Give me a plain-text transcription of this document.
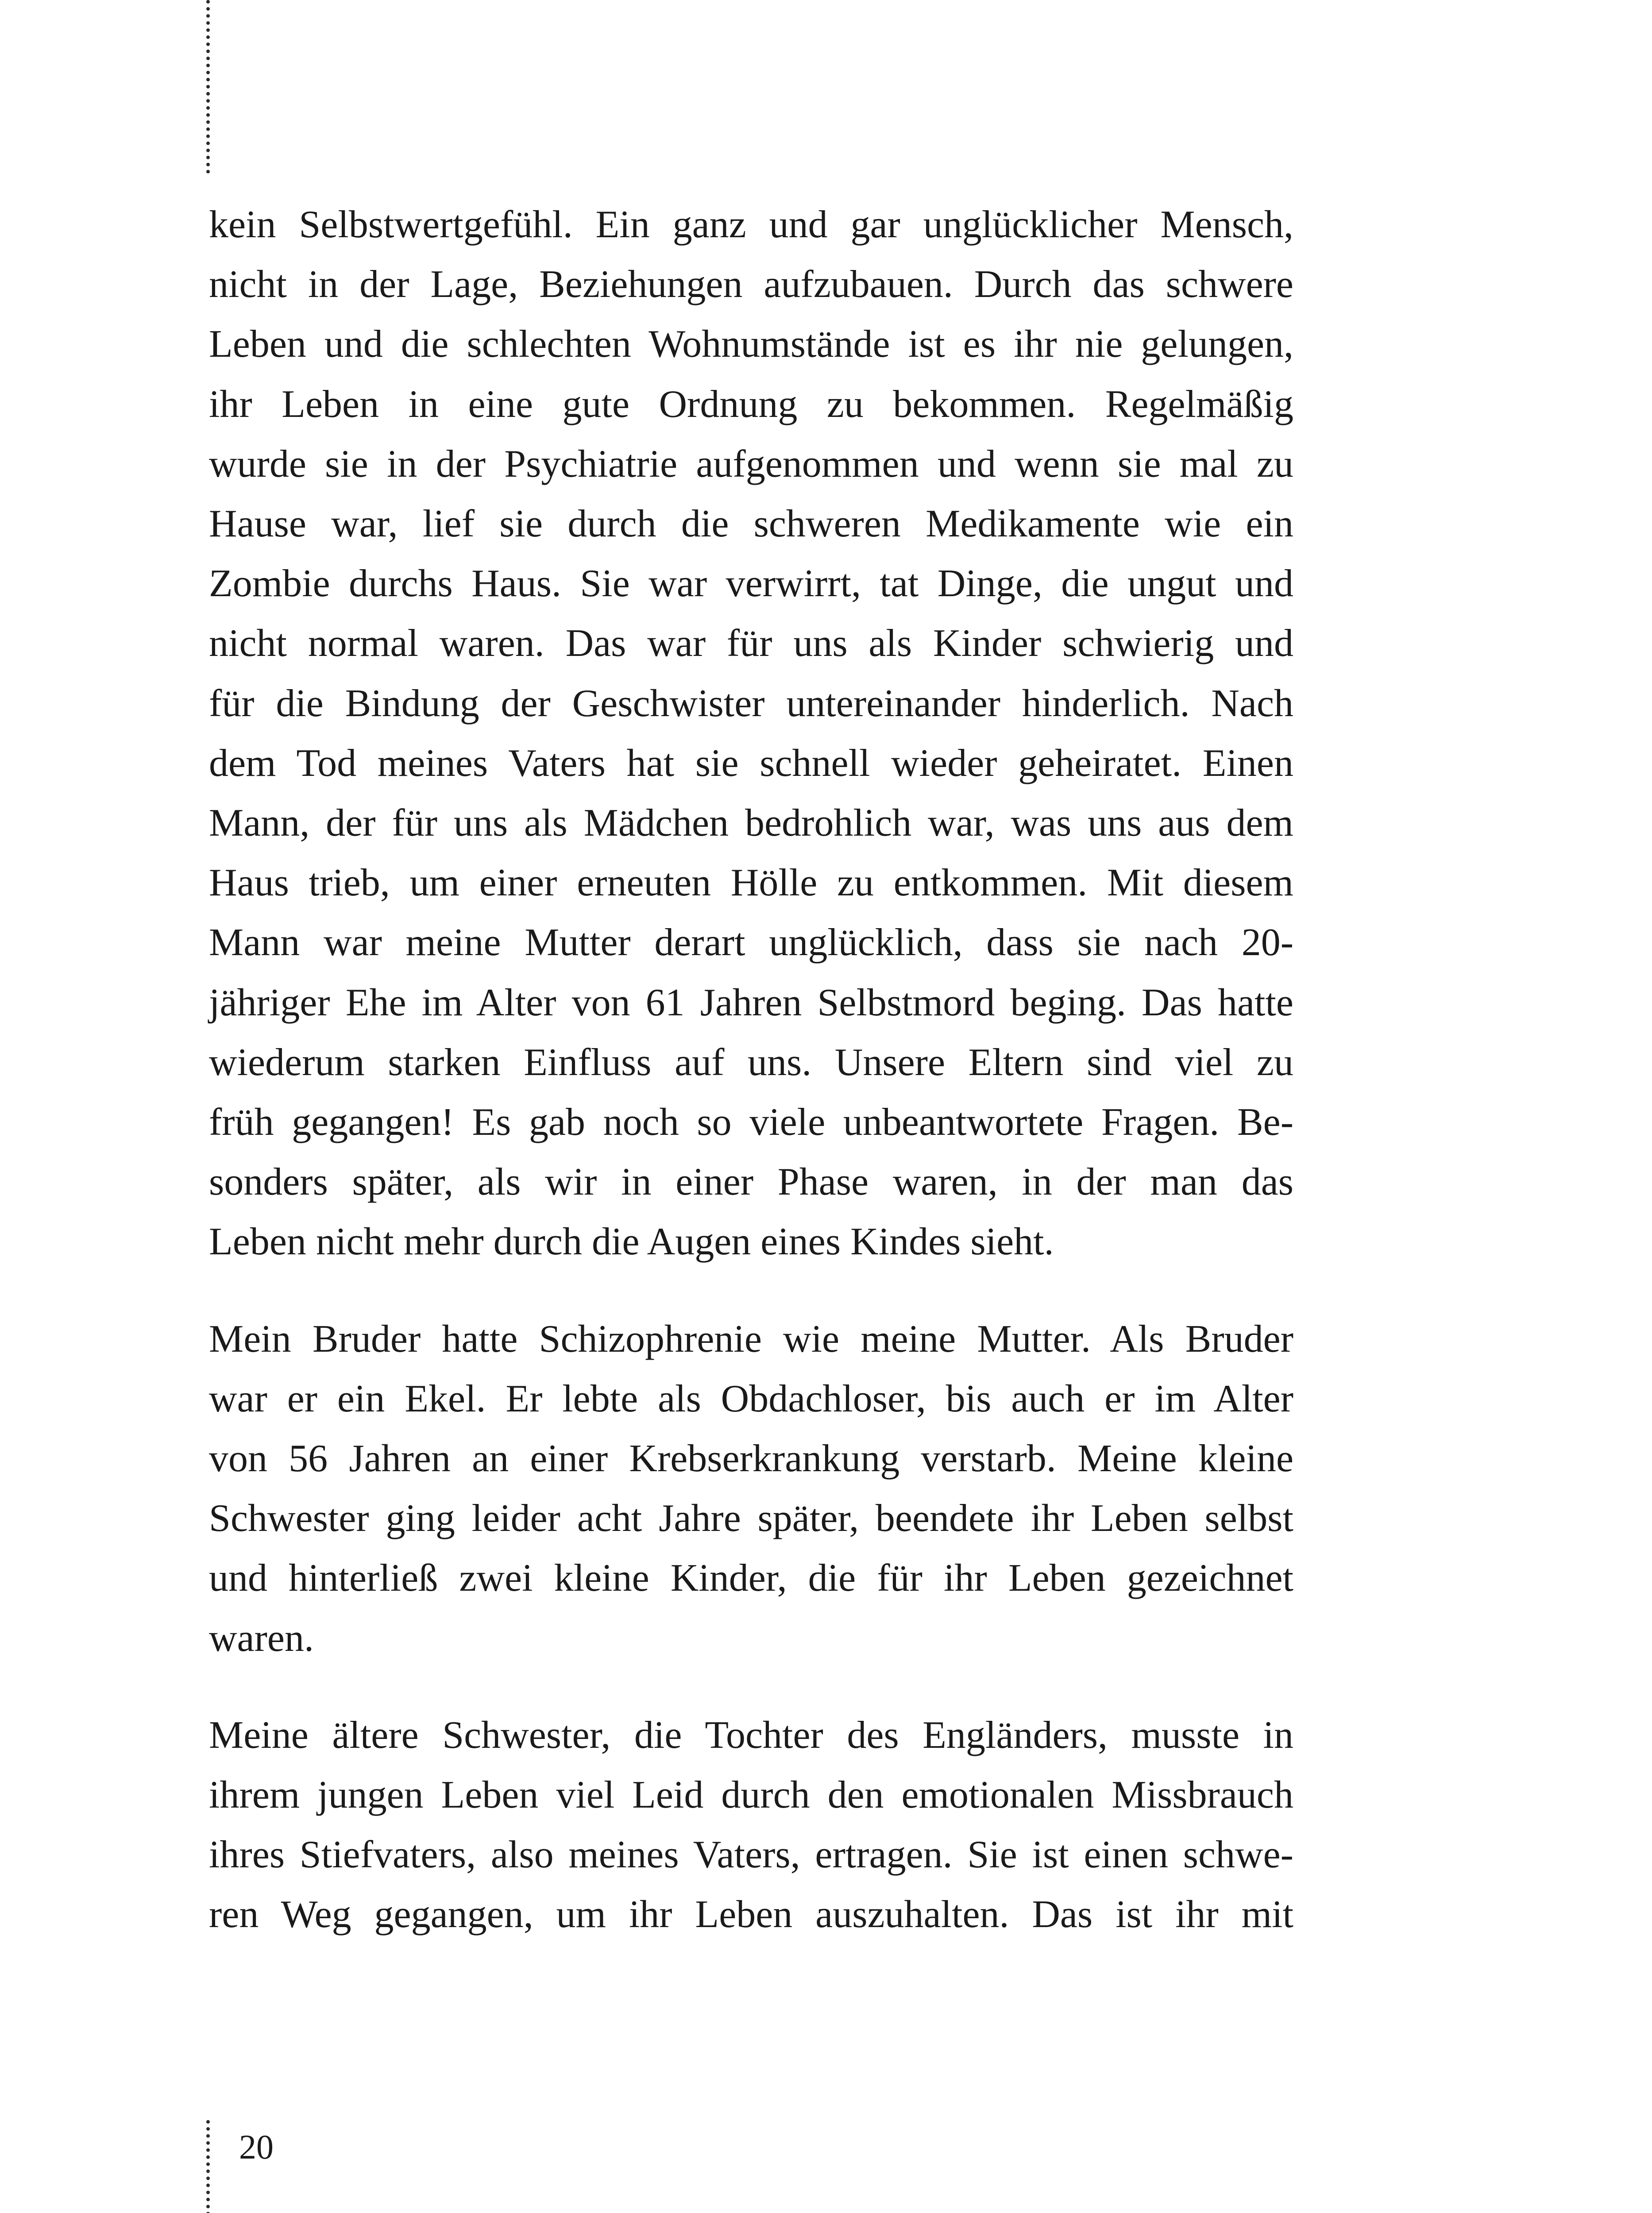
kein Selbstwertgefühl. Ein ganz und gar unglücklicher Mensch,
nicht in der Lage, Beziehungen aufzubauen. Durch das schwere
Leben und die schlechten Wohnumstände ist es ihr nie gelungen,
ihr Leben in eine gute Ordnung zu bekommen. Regelmäßig
wurde sie in der Psychiatrie aufgenommen und wenn sie mal zu
Hause war, lief sie durch die schweren Medikamente wie ein
Zombie durchs Haus. Sie war verwirrt, tat Dinge, die ungut und
nicht normal waren. Das war für uns als Kinder schwierig und
für die Bindung der Geschwister untereinander hinderlich. Nach
dem Tod meines Vaters hat sie schnell wieder geheiratet. Einen
Mann, der für uns als Mädchen bedrohlich war, was uns aus dem
Haus trieb, um einer erneuten Hölle zu entkommen. Mit diesem
Mann war meine Mutter derart unglücklich, dass sie nach 20-
jähriger Ehe im Alter von 61 Jahren Selbstmord beging. Das hatte
wiederum starken Einfluss auf uns. Unsere Eltern sind viel zu
früh gegangen! Es gab noch so viele unbeantwortete Fragen. Be-
sonders später, als wir in einer Phase waren, in der man das
Leben nicht mehr durch die Augen eines Kindes sieht.

Mein Bruder hatte Schizophrenie wie meine Mutter. Als Bruder
war er ein Ekel. Er lebte als Obdachloser, bis auch er im Alter
von 56 Jahren an einer Krebserkrankung verstarb. Meine kleine
Schwester ging leider acht Jahre später, beendete ihr Leben selbst
und hinterließ zwei kleine Kinder, die für ihr Leben gezeichnet
waren.

Meine ältere Schwester, die Tochter des Engländers, musste in
ihrem jungen Leben viel Leid durch den emotionalen Missbrauch
ihres Stiefvaters, also meines Vaters, ertragen. Sie ist einen schwe-
ren Weg gegangen, um ihr Leben auszuhalten. Das ist ihr mit

20
